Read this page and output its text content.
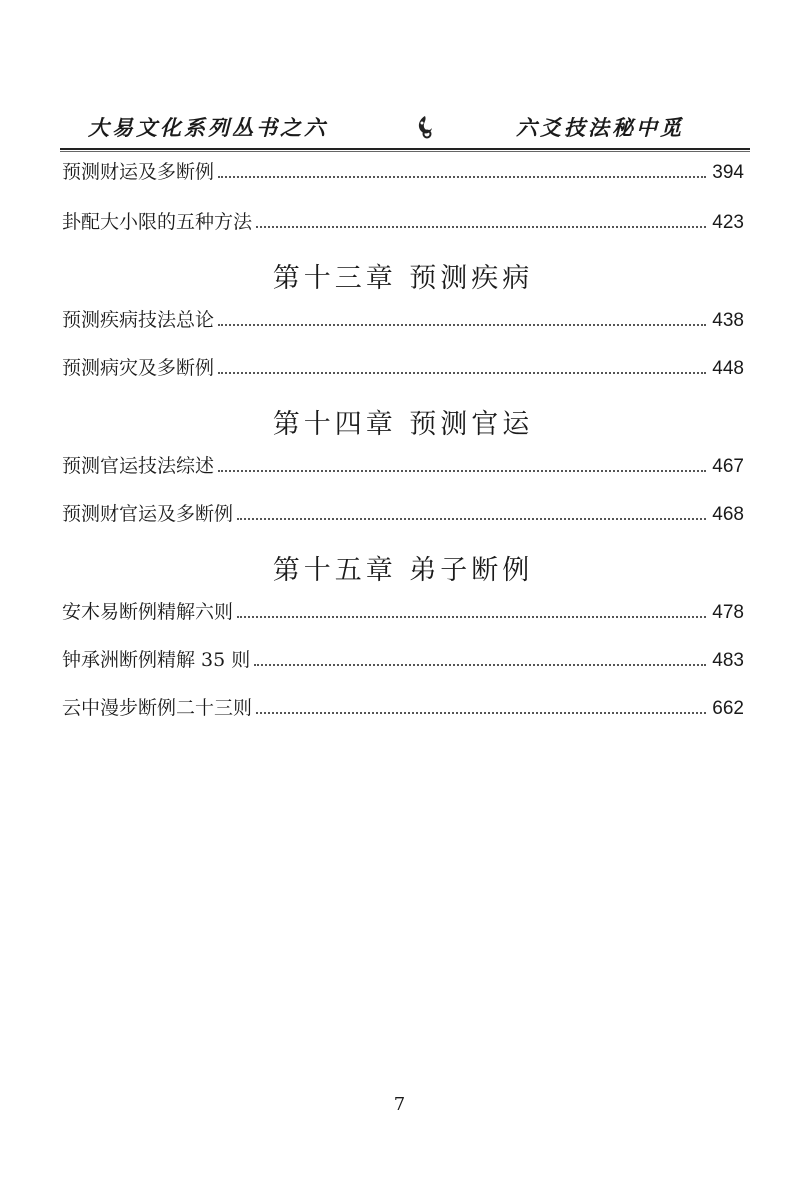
大易文化系列丛书之六	六爻技法秘中觅
预测财运及多断例	394
卦配大小限的五种方法	423
第十三章 预测疾病
预测疾病技法总论	438
预测病灾及多断例	448
第十四章 预测官运
预测官运技法综述	467
预测财官运及多断例	468
第十五章 弟子断例
安木易断例精解六则	478
钟承洲断例精解 35 则	483
云中漫步断例二十三则	662
7
